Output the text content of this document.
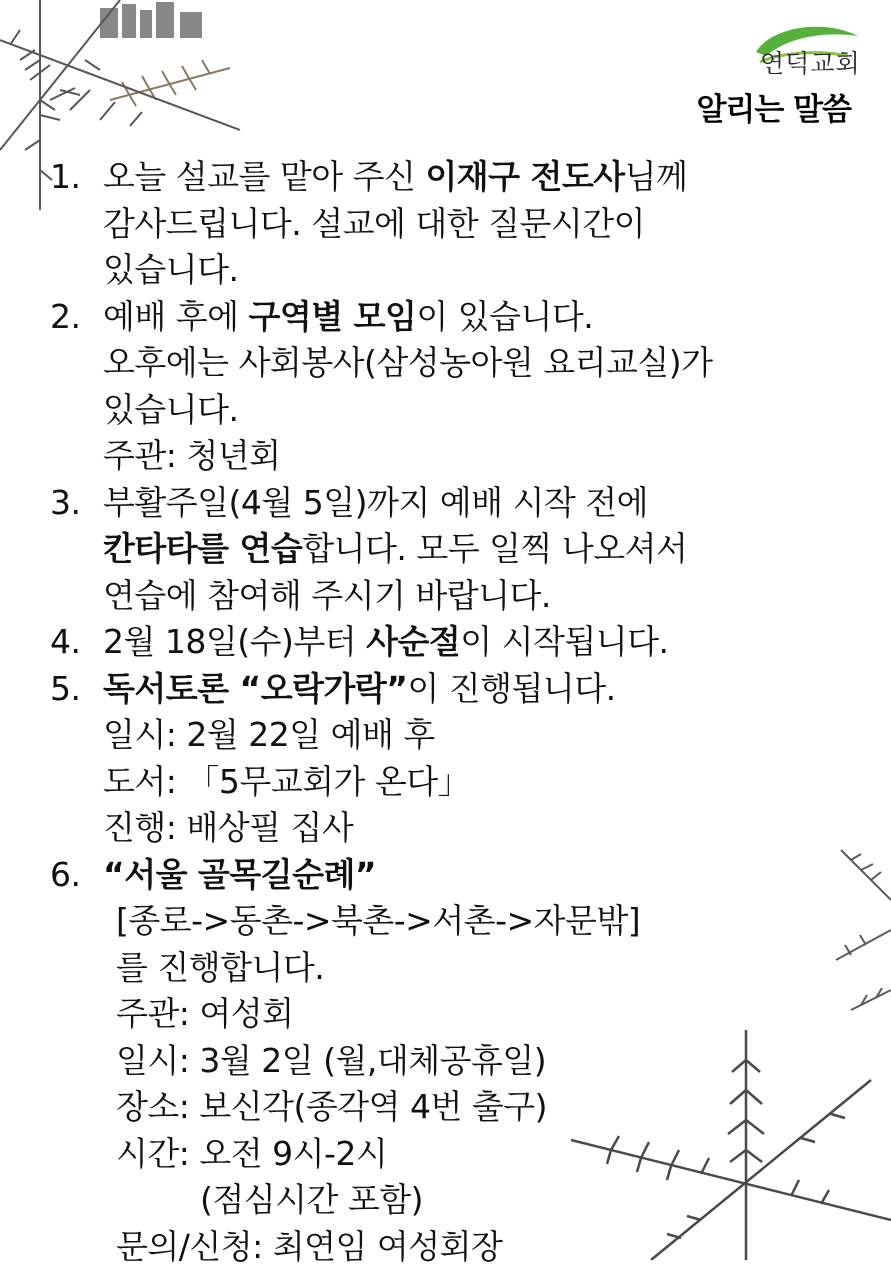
연덕교회
알리는 말씀
1. 오늘 설교를 맡아 주신 이재구 전도사님께
감사드립니다. 설교에 대한 질문시간이
있습니다.
2. 예배 후에 구역별 모임이 있습니다.
오후에는 사회봉사(삼성농아원 요리교실)가
있습니다.
주관: 청년회
3. 부활주일(4월 5일)까지 예배 시작 전에
칸타타를 연습합니다. 모두 일찍 나오셔서
연습에 참여해 주시기 바랍니다.
4. 2월 18일(수)부터 사순절이 시작됩니다.
5. 독서토론 “오락가락”이 진행됩니다.
일시: 2월 22일 예배 후
도서: 「5무교회가 온다」
진행: 배상필 집사
6. “서울 골목길순례”
[종로->동촌->북촌->서촌->자문밖]
를 진행합니다.
주관: 여성회
일시: 3월 2일 (월,대체공휴일)
장소: 보신각(종각역 4번 출구)
시간: 오전 9시-2시
(점심시간 포함)
문의/신청: 최연임 여성회장
